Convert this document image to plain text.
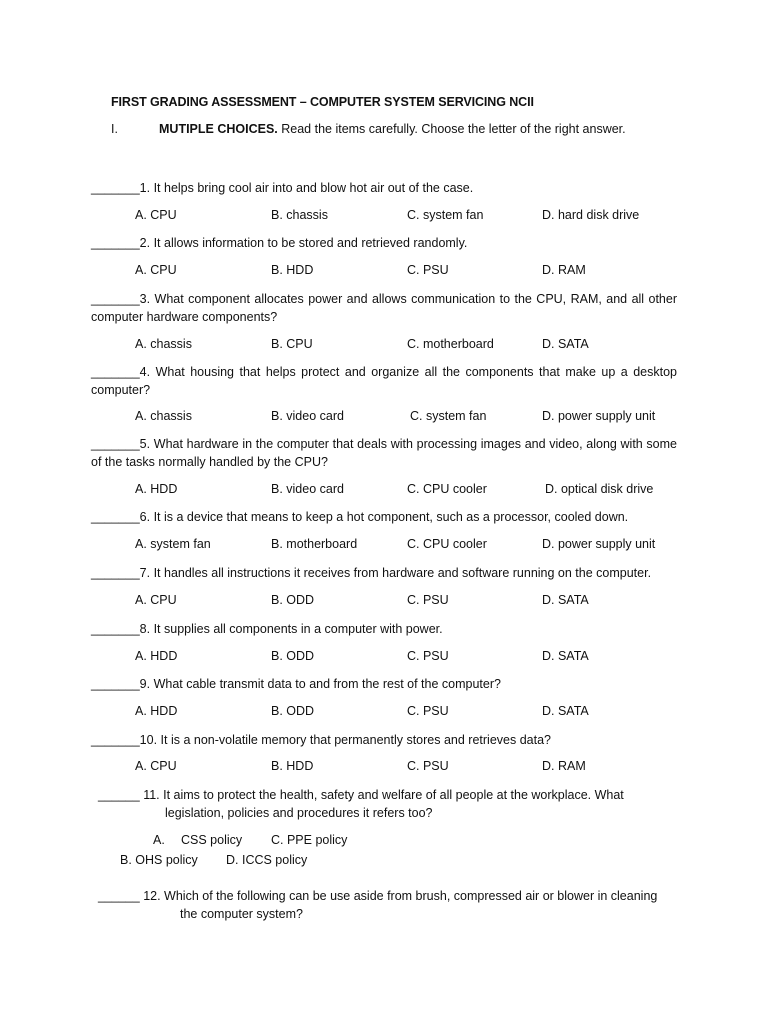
FIRST GRADING ASSESSMENT – COMPUTER SYSTEM SERVICING NCII
I.	MUTIPLE CHOICES. Read the items carefully. Choose the letter of the right answer.
_______1. It helps bring cool air into and blow hot air out of the case.
A. CPU	B. chassis	C. system fan	D. hard disk drive
_______2. It allows information to be stored and retrieved randomly.
A. CPU	B. HDD	C. PSU	D. RAM
_______3. What component allocates power and allows communication to the CPU, RAM, and all other computer hardware components?
A. chassis	B. CPU	C. motherboard	D. SATA
_______4. What housing that helps protect and organize all the components that make up a desktop computer?
A. chassis	B. video card	C. system fan	D. power supply unit
_______5. What hardware in the computer that deals with processing images and video, along with some of the tasks normally handled by the CPU?
A. HDD	B. video card	C. CPU cooler	D. optical disk drive
_______6. It is a device that means to keep a hot component, such as a processor, cooled down.
A. system fan	B. motherboard	C. CPU cooler	D. power supply unit
_______7. It handles all instructions it receives from hardware and software running on the computer.
A. CPU	B. ODD	C. PSU	D. SATA
_______8. It supplies all components in a computer with power.
A. HDD	B. ODD	C. PSU	D. SATA
_______9. What cable transmit data to and from the rest of the computer?
A. HDD	B. ODD	C. PSU	D. SATA
_______10. It is a non-volatile memory that permanently stores and retrieves data?
A. CPU	B. HDD	C. PSU	D. RAM
______ 11. It aims to protect the health, safety and welfare of all people at the workplace. What
legislation, policies and procedures it refers too?
A. CSS policy C. PPE policy
B. OHS policy D. ICCS policy
______ 12. Which of the following can be use aside from brush, compressed air or blower in cleaning
the computer system?
